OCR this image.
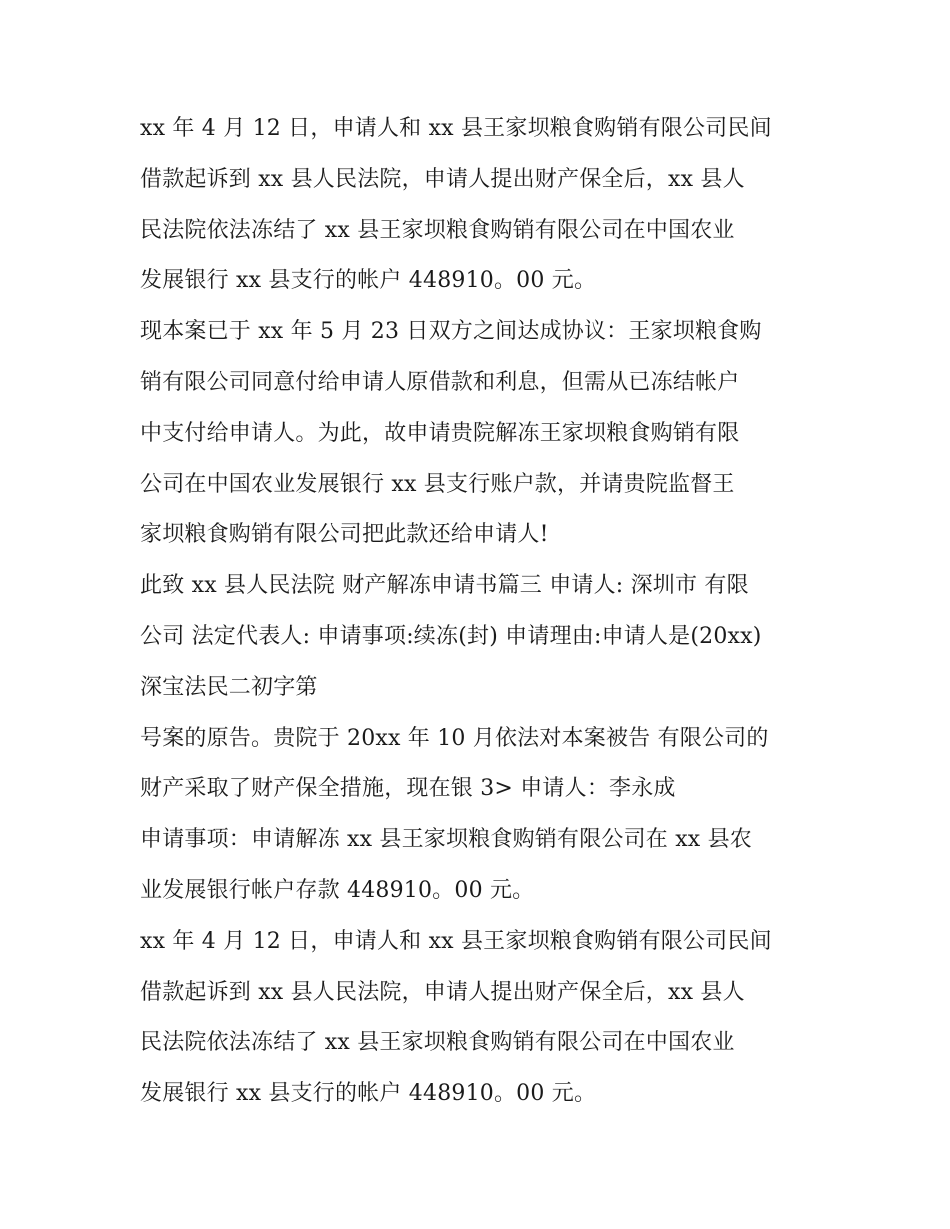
xx 年 4 月 12 日，申请人和 xx 县王家坝粮食购销有限公司民间
借款起诉到 xx 县人民法院，申请人提出财产保全后，xx 县人
民法院依法冻结了 xx 县王家坝粮食购销有限公司在中国农业
发展银行 xx 县支行的帐户 448910。00 元。
现本案已于 xx 年 5 月 23 日双方之间达成协议：王家坝粮食购
销有限公司同意付给申请人原借款和利息，但需从已冻结帐户
中支付给申请人。为此，故申请贵院解冻王家坝粮食购销有限
公司在中国农业发展银行 xx 县支行账户款，并请贵院监督王
家坝粮食购销有限公司把此款还给申请人!
此致 xx 县人民法院 财产解冻申请书篇三 申请人: 深圳市 有限
公司 法定代表人: 申请事项:续冻(封) 申请理由:申请人是(20xx)
深宝法民二初字第
号案的原告。贵院于 20xx 年 10 月依法对本案被告 有限公司的
财产采取了财产保全措施，现在银 3> 申请人：李永成
申请事项：申请解冻 xx 县王家坝粮食购销有限公司在 xx 县农
业发展银行帐户存款 448910。00 元。
xx 年 4 月 12 日，申请人和 xx 县王家坝粮食购销有限公司民间
借款起诉到 xx 县人民法院，申请人提出财产保全后，xx 县人
民法院依法冻结了 xx 县王家坝粮食购销有限公司在中国农业
发展银行 xx 县支行的帐户 448910。00 元。
